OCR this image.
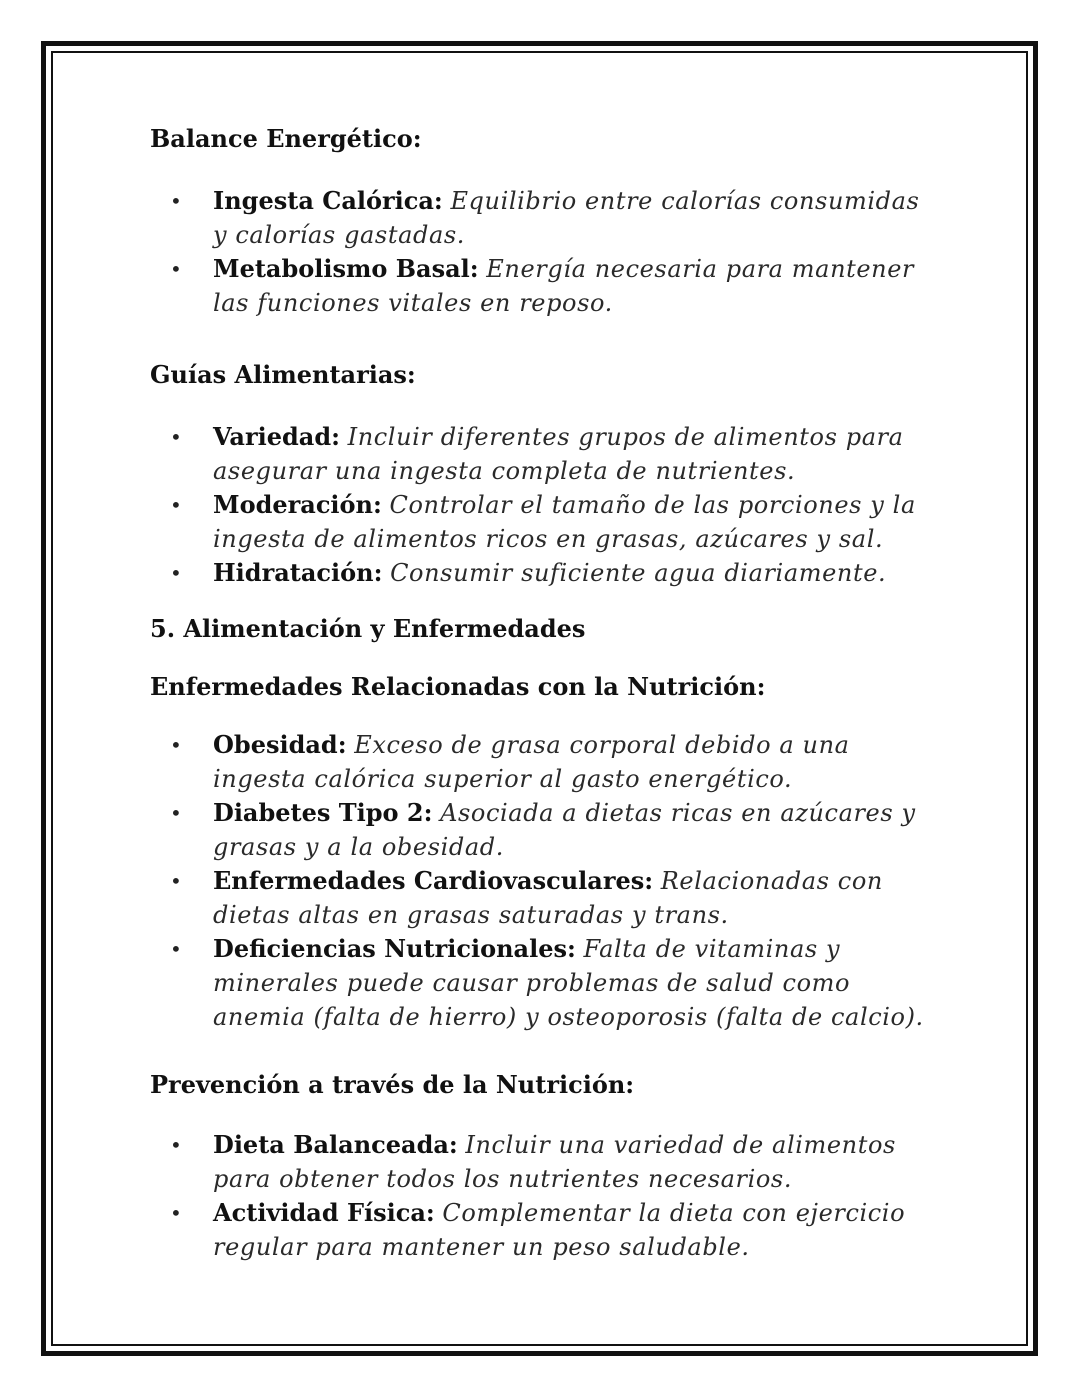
Balance Energético:

• Ingesta Calórica: Equilibrio entre calorías consumidas y calorías gastadas.
• Metabolismo Basal: Energía necesaria para mantener las funciones vitales en reposo.

Guías Alimentarias:

• Variedad: Incluir diferentes grupos de alimentos para asegurar una ingesta completa de nutrientes.
• Moderación: Controlar el tamaño de las porciones y la ingesta de alimentos ricos en grasas, azúcares y sal.
• Hidratación: Consumir suficiente agua diariamente.

5. Alimentación y Enfermedades

Enfermedades Relacionadas con la Nutrición:

• Obesidad: Exceso de grasa corporal debido a una ingesta calórica superior al gasto energético.
• Diabetes Tipo 2: Asociada a dietas ricas en azúcares y grasas y a la obesidad.
• Enfermedades Cardiovasculares: Relacionadas con dietas altas en grasas saturadas y trans.
• Deficiencias Nutricionales: Falta de vitaminas y minerales puede causar problemas de salud como anemia (falta de hierro) y osteoporosis (falta de calcio).

Prevención a través de la Nutrición:

• Dieta Balanceada: Incluir una variedad de alimentos para obtener todos los nutrientes necesarios.
• Actividad Física: Complementar la dieta con ejercicio regular para mantener un peso saludable.
